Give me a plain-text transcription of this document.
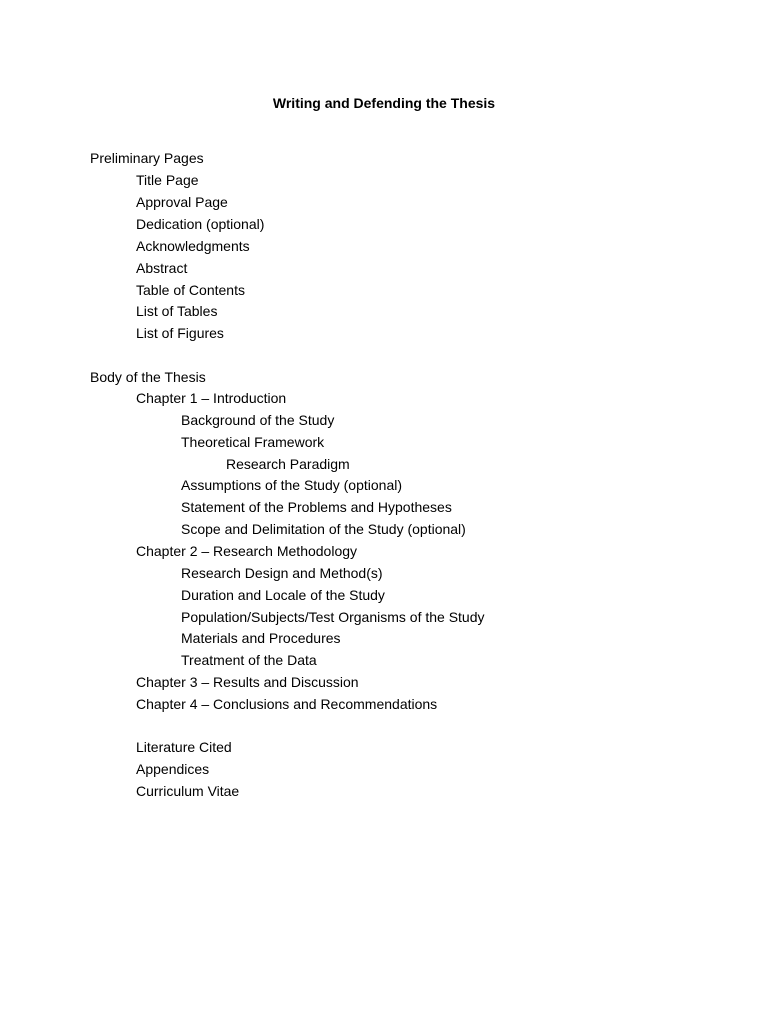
Writing and Defending the Thesis
Preliminary Pages
Title Page
Approval Page
Dedication (optional)
Acknowledgments
Abstract
Table of Contents
List of Tables
List of Figures
Body of the Thesis
Chapter 1 – Introduction
Background of the Study
Theoretical Framework
Research Paradigm
Assumptions of the Study (optional)
Statement of the Problems and Hypotheses
Scope and Delimitation of the Study (optional)
Chapter 2 – Research Methodology
Research Design and Method(s)
Duration and Locale of the Study
Population/Subjects/Test Organisms of the Study
Materials and Procedures
Treatment of the Data
Chapter 3 – Results and Discussion
Chapter 4 – Conclusions and Recommendations
Literature Cited
Appendices
Curriculum Vitae
